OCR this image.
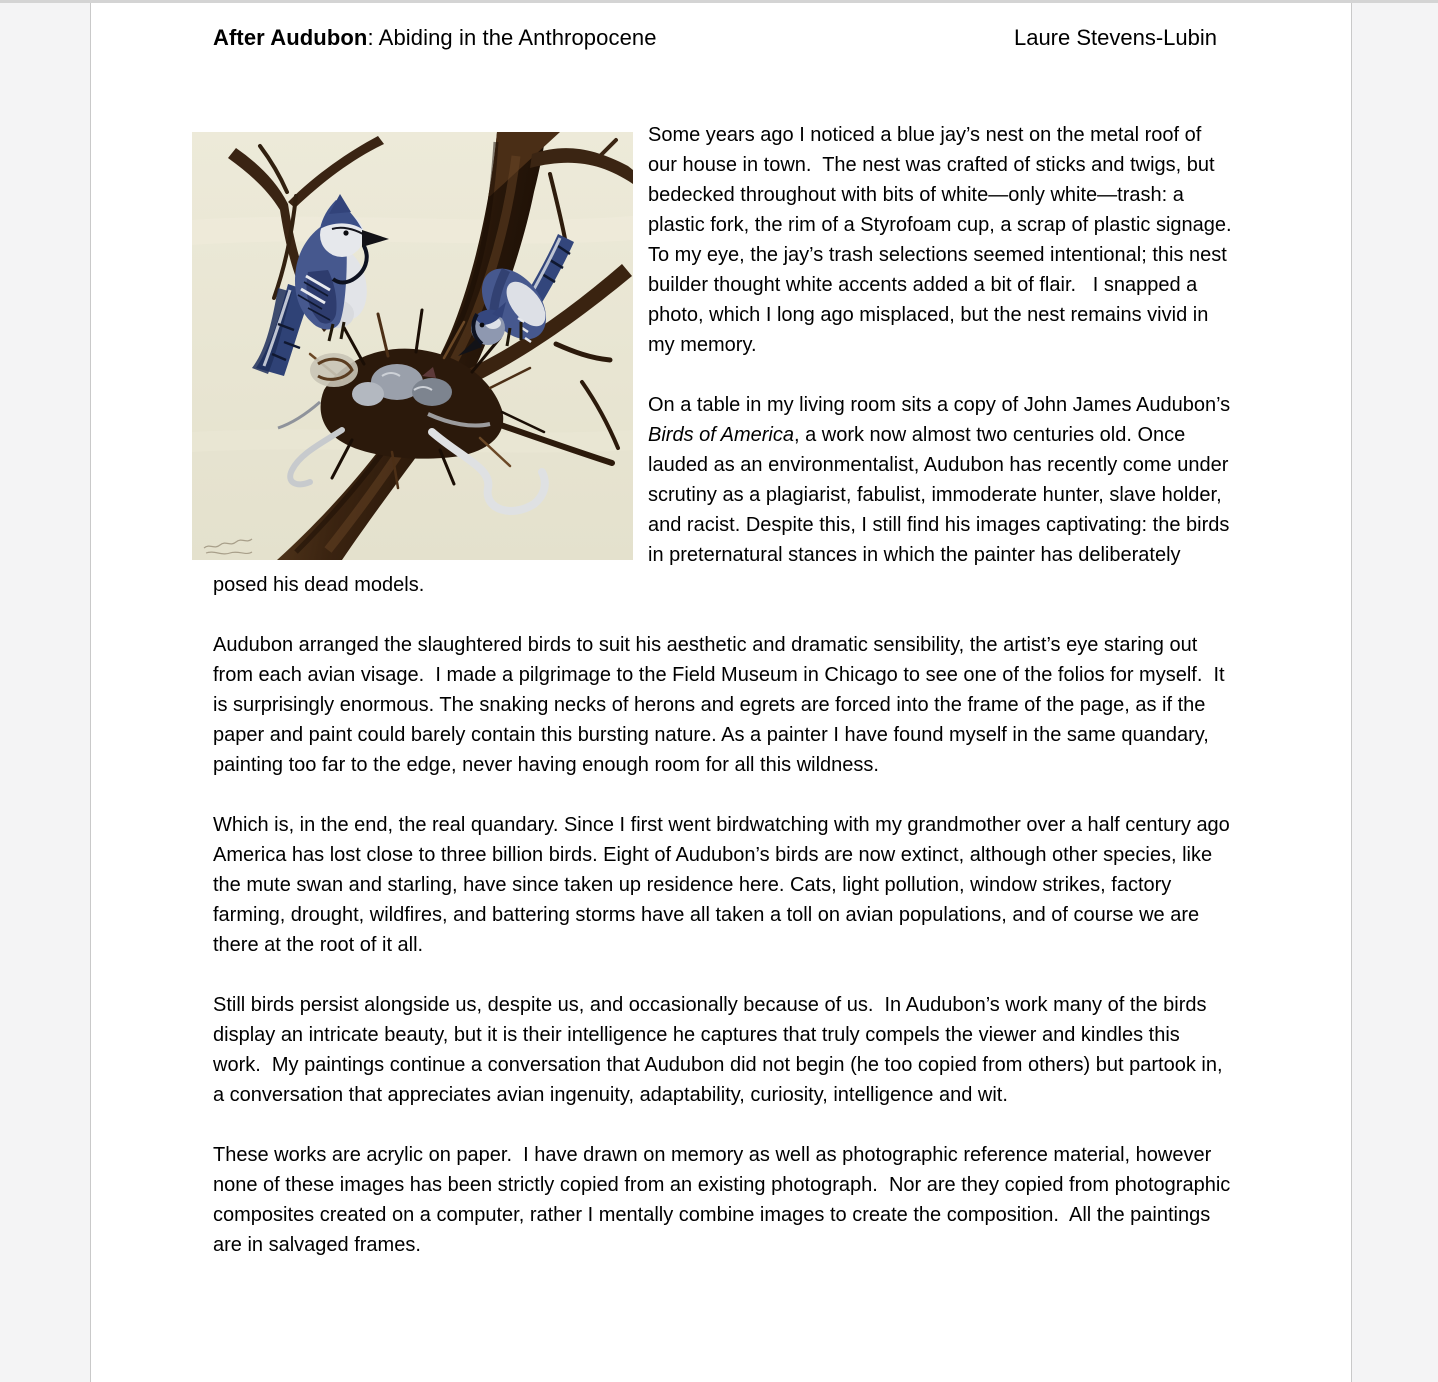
After Audubon: Abiding in the Anthropocene	Laure Stevens-Lubin

Some years ago I noticed a blue jay’s nest on the metal roof of our house in town.  The nest was crafted of sticks and twigs, but bedecked throughout with bits of white—only white—trash: a plastic fork, the rim of a Styrofoam cup, a scrap of plastic signage.  To my eye, the jay’s trash selections seemed intentional; this nest builder thought white accents added a bit of flair.   I snapped a photo, which I long ago misplaced, but the nest remains vivid in my memory.

On a table in my living room sits a copy of John James Audubon’s Birds of America, a work now almost two centuries old. Once lauded as an environmentalist, Audubon has recently come under scrutiny as a plagiarist, fabulist, immoderate hunter, slave holder, and racist. Despite this, I still find his images captivating: the birds in preternatural stances in which the painter has deliberately posed his dead models.

Audubon arranged the slaughtered birds to suit his aesthetic and dramatic sensibility, the artist’s eye staring out from each avian visage.  I made a pilgrimage to the Field Museum in Chicago to see one of the folios for myself.  It is surprisingly enormous. The snaking necks of herons and egrets are forced into the frame of the page, as if the paper and paint could barely contain this bursting nature. As a painter I have found myself in the same quandary, painting too far to the edge, never having enough room for all this wildness.

Which is, in the end, the real quandary. Since I first went birdwatching with my grandmother over a half century ago America has lost close to three billion birds. Eight of Audubon’s birds are now extinct, although other species, like the mute swan and starling, have since taken up residence here. Cats, light pollution, window strikes, factory farming, drought, wildfires, and battering storms have all taken a toll on avian populations, and of course we are there at the root of it all.

Still birds persist alongside us, despite us, and occasionally because of us.  In Audubon’s work many of the birds display an intricate beauty, but it is their intelligence he captures that truly compels the viewer and kindles this work.  My paintings continue a conversation that Audubon did not begin (he too copied from others) but partook in, a conversation that appreciates avian ingenuity, adaptability, curiosity, intelligence and wit.

These works are acrylic on paper.  I have drawn on memory as well as photographic reference material, however none of these images has been strictly copied from an existing photograph.  Nor are they copied from photographic composites created on a computer, rather I mentally combine images to create the composition.  All the paintings are in salvaged frames.
